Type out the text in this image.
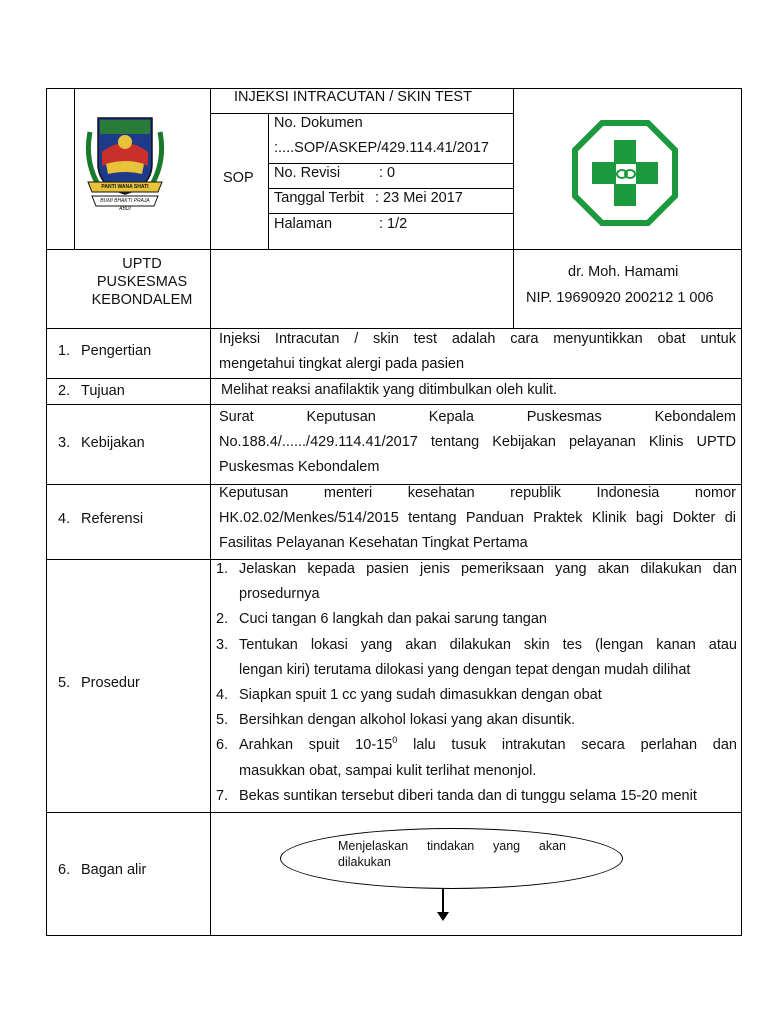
PANTI WANA SHATI
BUMI BHAKTI PRAJA ABDI
INJEKSI INTRACUTAN / SKIN TEST
SOP
No. Dokumen
:....SOP/ASKEP/429.114.41/2017
No. Revisi	: 0
Tanggal Terbit : 23 Mei 2017
Halaman	: 1/2
UPTD
PUSKESMAS
KEBONDALEM
dr. Moh. Hamami
NIP. 19690920 200212 1 006
1. Pengertian
2. Tujuan
3. Kebijakan
4. Referensi
5. Prosedur
6. Bagan alir
Injeksi Intracutan / skin test adalah cara menyuntikkan obat untuk
mengetahui tingkat alergi pada pasien
Melihat reaksi anafilaktik yang ditimbulkan oleh kulit.
Surat Keputusan Kepala Puskesmas Kebondalem
No.188.4/....../429.114.41/2017 tentang Kebijakan pelayanan Klinis UPTD
Puskesmas Kebondalem
Keputusan menteri kesehatan republik Indonesia nomor
HK.02.02/Menkes/514/2015 tentang Panduan Praktek Klinik bagi Dokter di
Fasilitas Pelayanan Kesehatan Tingkat Pertama
1. Jelaskan kepada pasien jenis pemeriksaan yang akan dilakukan dan
prosedurnya
2. Cuci tangan 6 langkah dan pakai sarung tangan
3. Tentukan lokasi yang akan dilakukan skin tes (lengan kanan atau
lengan kiri) terutama dilokasi yang dengan tepat dengan mudah dilihat
4. Siapkan spuit 1 cc yang sudah dimasukkan dengan obat
5. Bersihkan dengan alkohol lokasi yang akan disuntik.
6. Arahkan spuit $10-15^0$ lalu tusuk intrakutan secara perlahan dan
masukkan obat, sampai kulit terlihat menonjol.
7. Bekas suntikan tersebut diberi tanda dan di tunggu selama 15-20 menit
Menjelaskan tindakan yang akan dilakukan
